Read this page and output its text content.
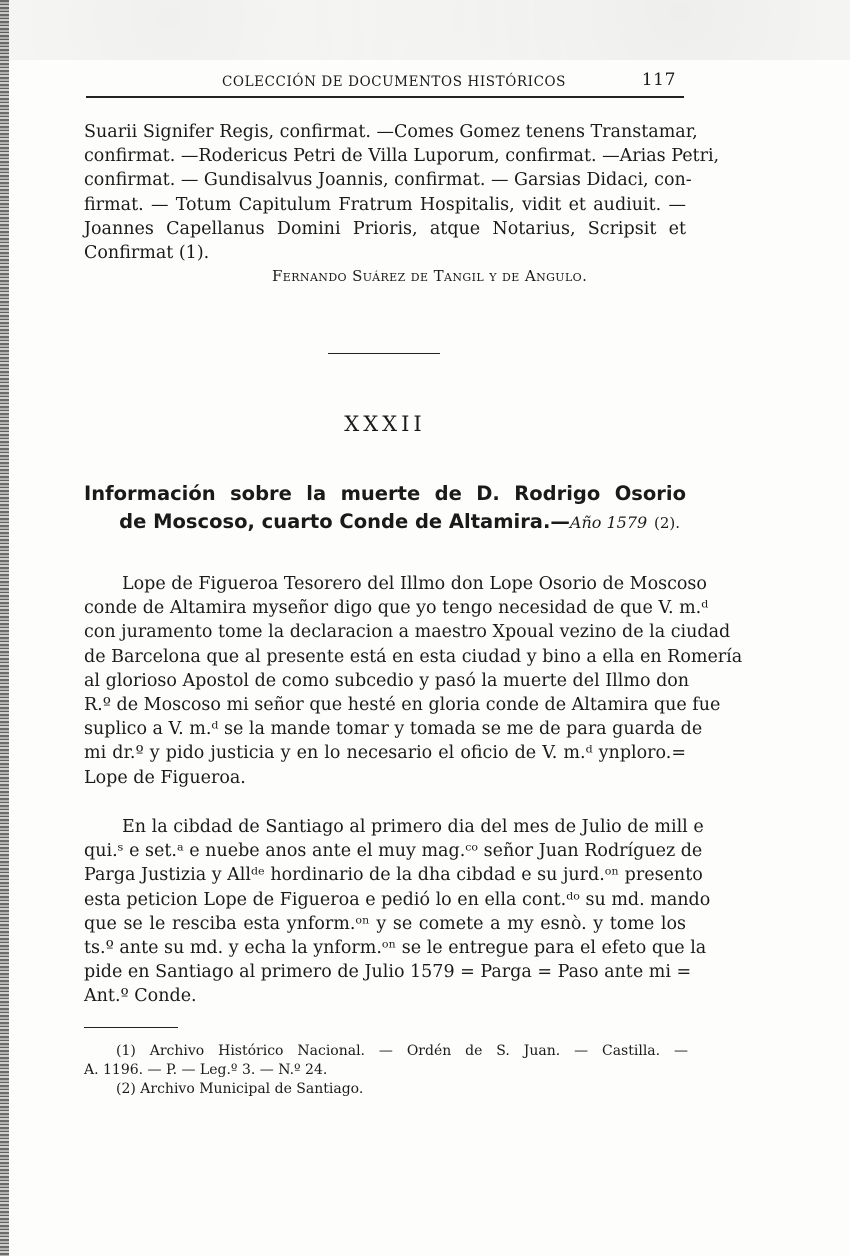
COLECCIÓN DE DOCUMENTOS HISTÓRICOS	117
Suarii Signifer Regis, confirmat. —Comes Gomez tenens Transtamar,
confirmat. —Rodericus Petri de Villa Luporum, confirmat. —Arias Petri,
confirmat. — Gundisalvus Joannis, confirmat. — Garsias Didaci, con-
firmat. — Totum Capitulum Fratrum Hospitalis, vidit et audiuit. —
Joannes Capellanus Domini Prioris, atque Notarius, Scripsit et
Confirmat (1).
Fernando Suárez de Tangil y de Angulo.
XXXII
Información sobre la muerte de D. Rodrigo Osorio
de Moscoso, cuarto Conde de Altamira.—Año 1579 (2).
Lope de Figueroa Tesorero del Illmo don Lope Osorio de Moscoso
conde de Altamira myseñor digo que yo tengo necesidad de que V. m.ᵈ
con juramento tome la declaracion a maestro Xpoual vezino de la ciudad
de Barcelona que al presente está en esta ciudad y bino a ella en Romería
al glorioso Apostol de como subcedio y pasó la muerte del Illmo don
R.º de Moscoso mi señor que hesté en gloria conde de Altamira que fue
suplico a V. m.ᵈ se la mande tomar y tomada se me de para guarda de
mi dr.º y pido justicia y en lo necesario el oficio de V. m.ᵈ ynploro.=
Lope de Figueroa.
En la cibdad de Santiago al primero dia del mes de Julio de mill e
qui.ˢ e set.ᵃ e nuebe anos ante el muy mag.ᶜᵒ señor Juan Rodríguez de
Parga Justizia y Allᵈᵉ hordinario de la dha cibdad e su jurd.ᵒⁿ presento
esta peticion Lope de Figueroa e pedió lo en ella cont.ᵈᵒ su md. mando
que se le resciba esta ynform.ᵒⁿ y se comete a my esnò. y tome los
ts.º ante su md. y echa la ynform.ᵒⁿ se le entregue para el efeto que la
pide en Santiago al primero de Julio 1579 = Parga = Paso ante mi =
Ant.º Conde.
(1) Archivo Histórico Nacional. — Ordén de S. Juan. — Castilla. —
A. 1196. — P. — Leg.º 3. — N.º 24.
(2) Archivo Municipal de Santiago.
